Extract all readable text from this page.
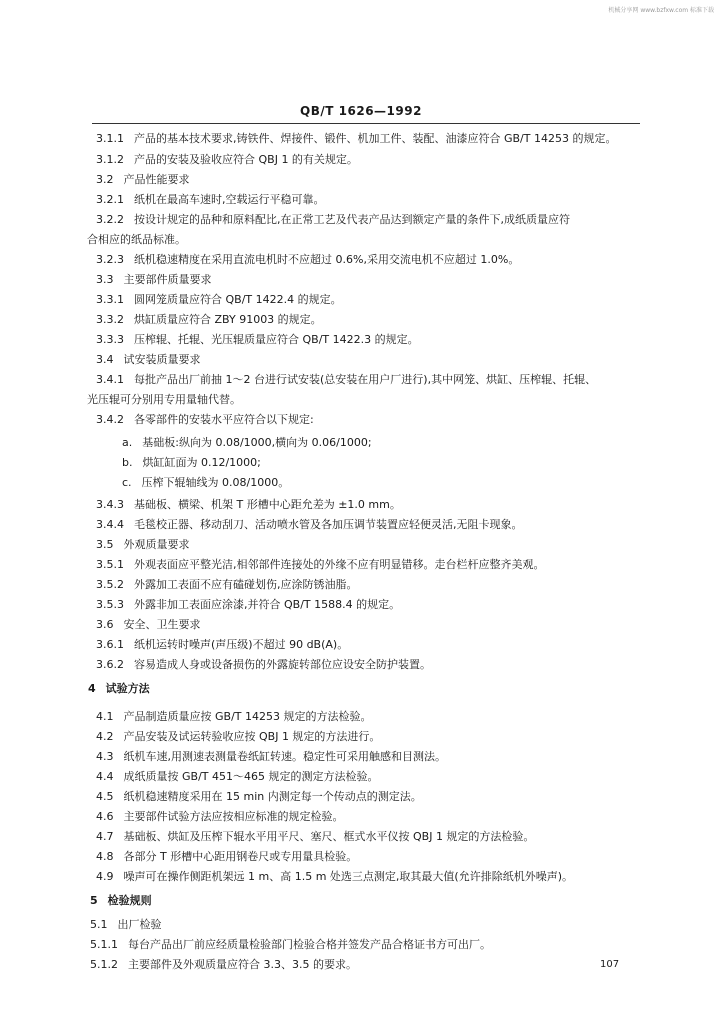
机械分享网 www.bzfxw.com 标准下载
QB/T 1626—1992
3.1.1 产品的基本技术要求,铸铁件、焊接件、锻件、机加工件、装配、油漆应符合 GB/T 14253 的规定。
3.1.2 产品的安装及验收应符合 QBJ 1 的有关规定。
3.2 产品性能要求
3.2.1 纸机在最高车速时,空载运行平稳可靠。
3.2.2 按设计规定的品种和原料配比,在正常工艺及代表产品达到额定产量的条件下,成纸质量应符
合相应的纸品标准。
3.2.3 纸机稳速精度在采用直流电机时不应超过 0.6%,采用交流电机不应超过 1.0%。
3.3 主要部件质量要求
3.3.1 圆网笼质量应符合 QB/T 1422.4 的规定。
3.3.2 烘缸质量应符合 ZBY 91003 的规定。
3.3.3 压榨辊、托辊、光压辊质量应符合 QB/T 1422.3 的规定。
3.4 试安装质量要求
3.4.1 每批产品出厂前抽 1～2 台进行试安装(总安装在用户厂进行),其中网笼、烘缸、压榨辊、托辊、
光压辊可分别用专用量轴代替。
3.4.2 各零部件的安装水平应符合以下规定:
a. 基础板:纵向为 0.08/1000,横向为 0.06/1000;
b. 烘缸缸面为 0.12/1000;
c. 压榨下辊轴线为 0.08/1000。
3.4.3 基础板、横梁、机架 T 形槽中心距允差为 ±1.0 mm。
3.4.4 毛毯校正器、移动刮刀、活动喷水管及各加压调节装置应轻便灵活,无阻卡现象。
3.5 外观质量要求
3.5.1 外观表面应平整光洁,相邻部件连接处的外缘不应有明显错移。走台栏杆应整齐美观。
3.5.2 外露加工表面不应有磕碰划伤,应涂防锈油脂。
3.5.3 外露非加工表面应涂漆,并符合 QB/T 1588.4 的规定。
3.6 安全、卫生要求
3.6.1 纸机运转时噪声(声压级)不超过 90 dB(A)。
3.6.2 容易造成人身或设备损伤的外露旋转部位应设安全防护装置。
4 试验方法
4.1 产品制造质量应按 GB/T 14253 规定的方法检验。
4.2 产品安装及试运转验收应按 QBJ 1 规定的方法进行。
4.3 纸机车速,用测速表测量卷纸缸转速。稳定性可采用触感和目测法。
4.4 成纸质量按 GB/T 451～465 规定的测定方法检验。
4.5 纸机稳速精度采用在 15 min 内测定每一个传动点的测定法。
4.6 主要部件试验方法应按相应标准的规定检验。
4.7 基础板、烘缸及压榨下辊水平用平尺、塞尺、框式水平仪按 QBJ 1 规定的方法检验。
4.8 各部分 T 形槽中心距用钢卷尺或专用量具检验。
4.9 噪声可在操作侧距机架远 1 m、高 1.5 m 处选三点测定,取其最大值(允许排除纸机外噪声)。
5 检验规则
5.1 出厂检验
5.1.1 每台产品出厂前应经质量检验部门检验合格并签发产品合格证书方可出厂。
5.1.2 主要部件及外观质量应符合 3.3、3.5 的要求。	107
